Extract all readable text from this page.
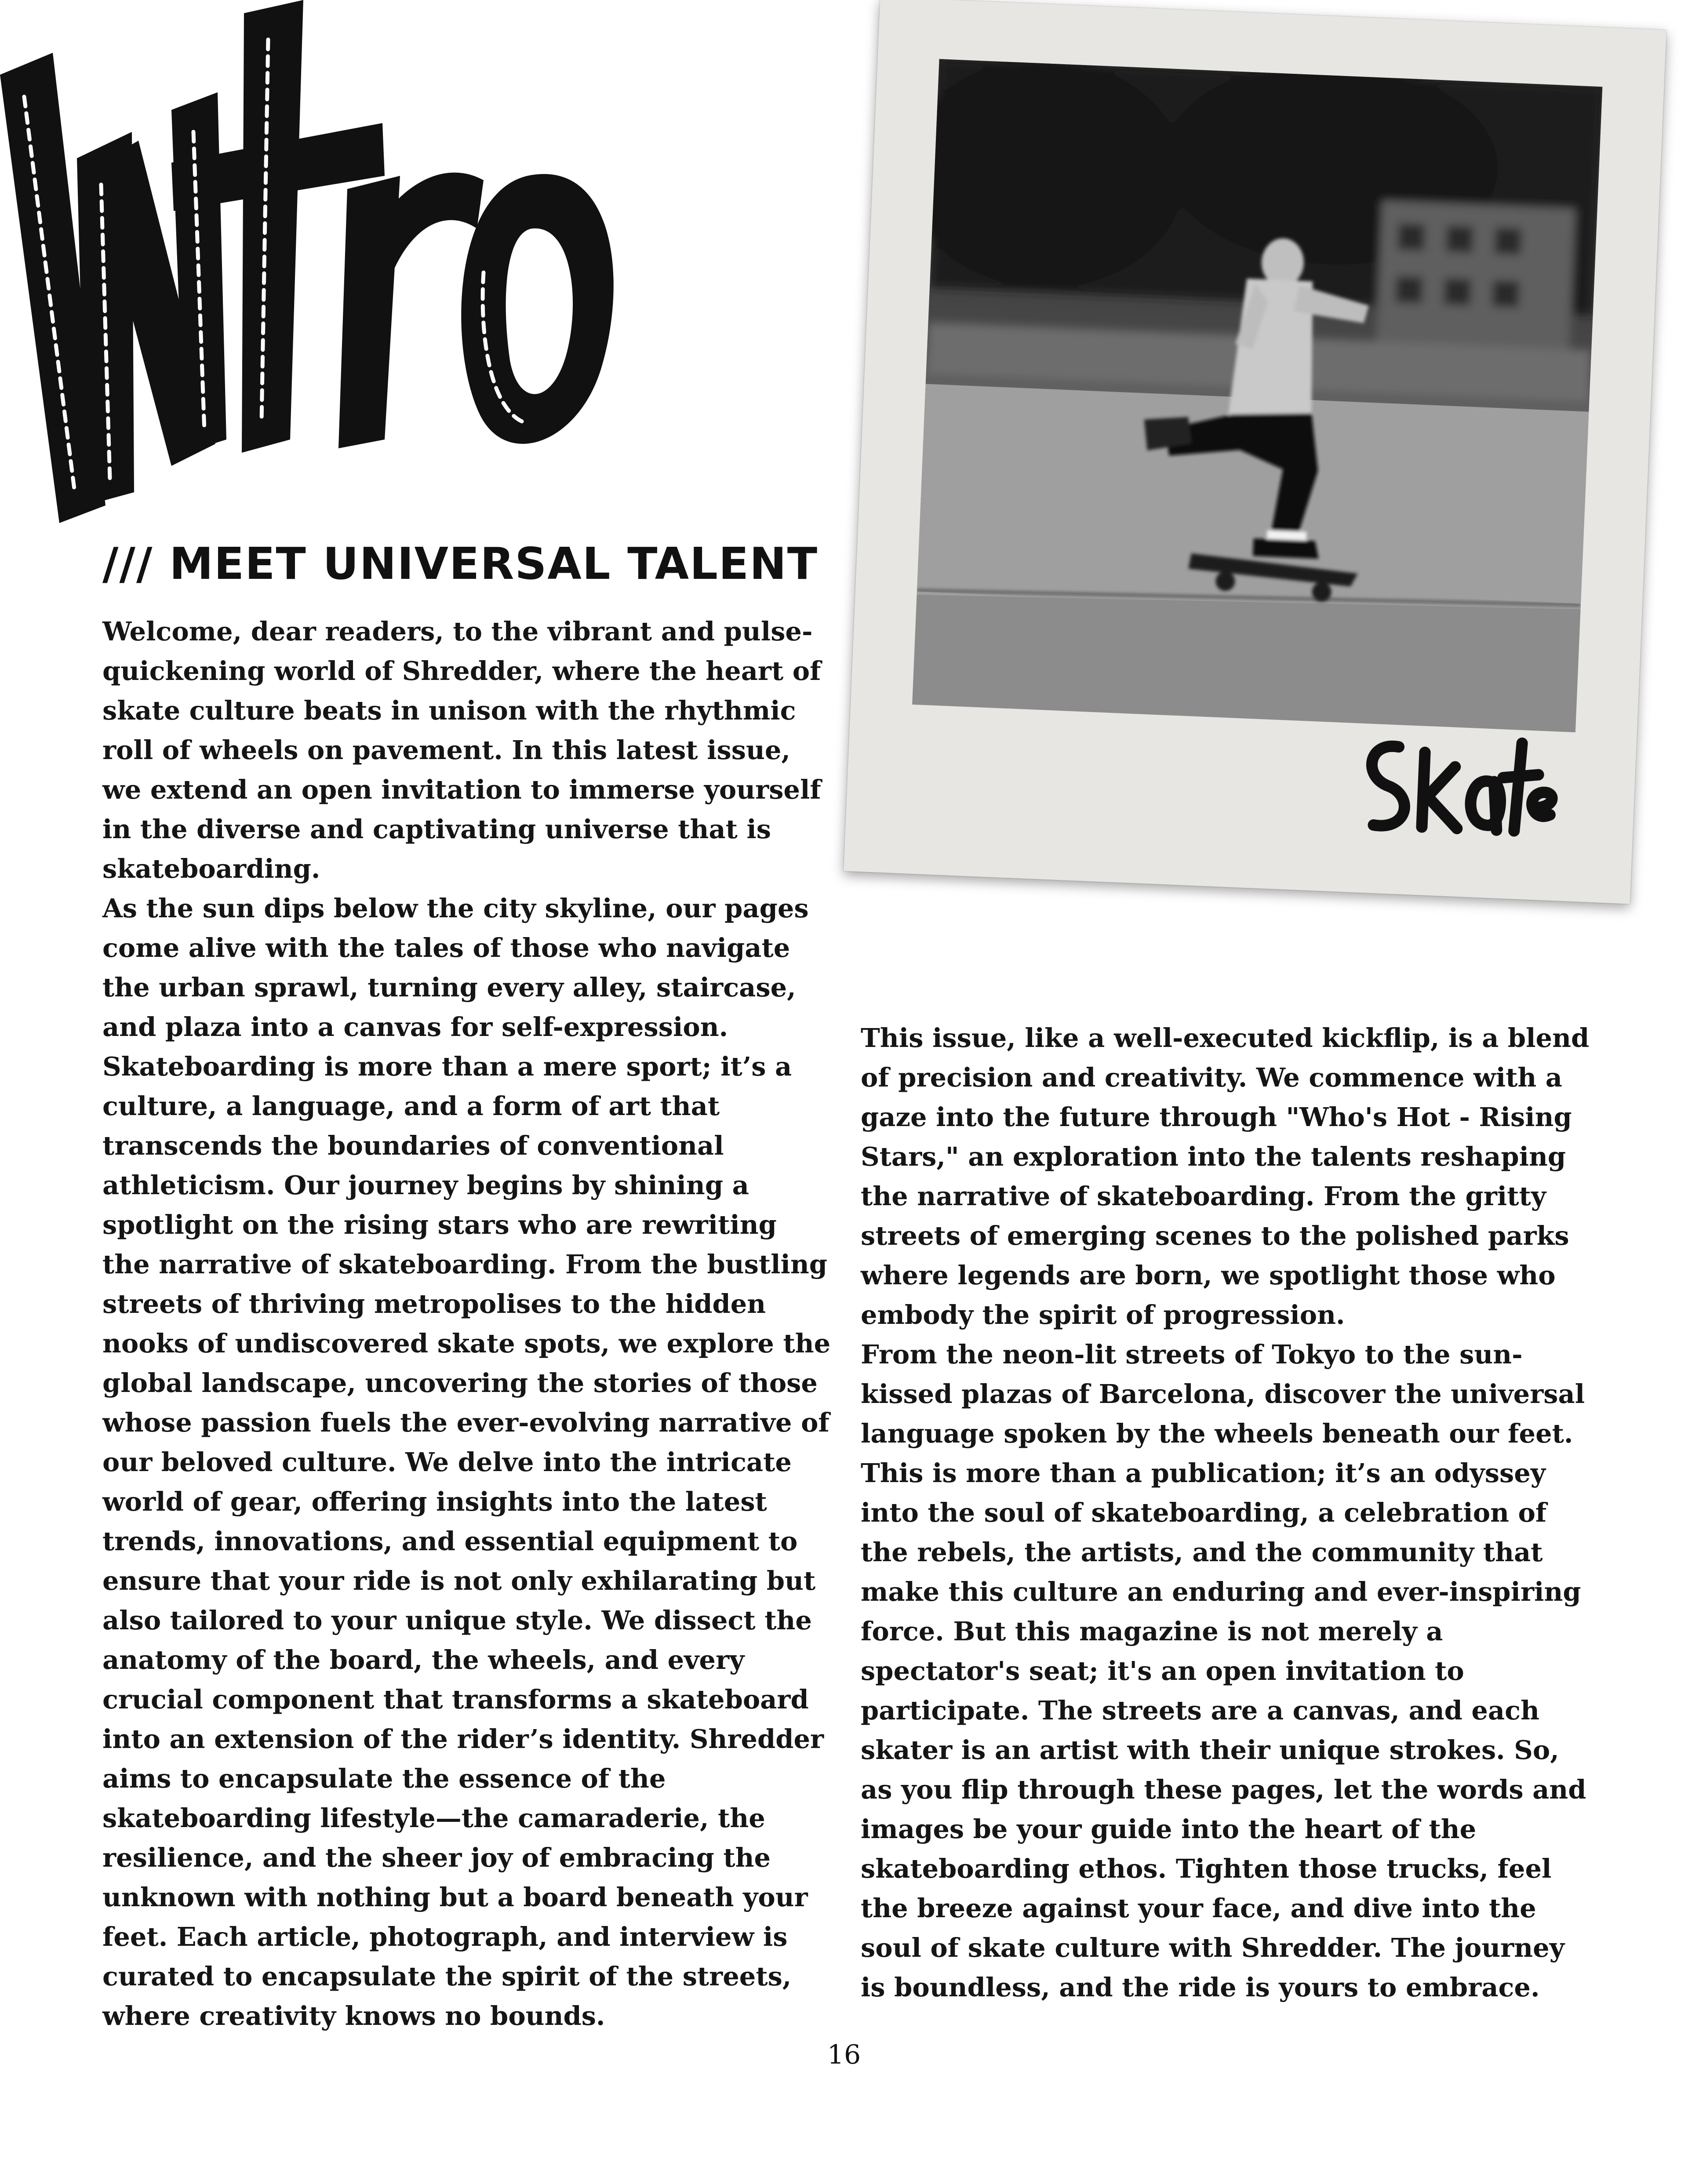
/// MEET UNIVERSAL TALENT

Welcome, dear readers, to the vibrant and pulse-quickening world of Shredder, where the heart of skate culture beats in unison with the rhythmic roll of wheels on pavement. In this latest issue, we extend an open invitation to immerse yourself in the diverse and captivating universe that is skateboarding.

As the sun dips below the city skyline, our pages come alive with the tales of those who navigate the urban sprawl, turning every alley, staircase, and plaza into a canvas for self-expression. Skateboarding is more than a mere sport; it’s a culture, a language, and a form of art that transcends the boundaries of conventional athleticism. Our journey begins by shining a spotlight on the rising stars who are rewriting the narrative of skateboarding. From the bustling streets of thriving metropolises to the hidden nooks of undiscovered skate spots, we explore the global landscape, uncovering the stories of those whose passion fuels the ever-evolving narrative of our beloved culture. We delve into the intricate world of gear, offering insights into the latest trends, innovations, and essential equipment to ensure that your ride is not only exhilarating but also tailored to your unique style. We dissect the anatomy of the board, the wheels, and every crucial component that transforms a skateboard into an extension of the rider’s identity. Shredder aims to encapsulate the essence of the skateboarding lifestyle—the camaraderie, the resilience, and the sheer joy of embracing the unknown with nothing but a board beneath your feet. Each article, photograph, and interview is curated to encapsulate the spirit of the streets, where creativity knows no bounds.

This issue, like a well-executed kickflip, is a blend of precision and creativity. We commence with a gaze into the future through "Who's Hot - Rising Stars," an exploration into the talents reshaping the narrative of skateboarding. From the gritty streets of emerging scenes to the polished parks where legends are born, we spotlight those who embody the spirit of progression.

From the neon-lit streets of Tokyo to the sun-kissed plazas of Barcelona, discover the universal language spoken by the wheels beneath our feet. This is more than a publication; it’s an odyssey into the soul of skateboarding, a celebration of the rebels, the artists, and the community that make this culture an enduring and ever-inspiring force. But this magazine is not merely a spectator's seat; it's an open invitation to participate. The streets are a canvas, and each skater is an artist with their unique strokes. So, as you flip through these pages, let the words and images be your guide into the heart of the skateboarding ethos. Tighten those trucks, feel the breeze against your face, and dive into the soul of skate culture with Shredder. The journey is boundless, and the ride is yours to embrace.

16
